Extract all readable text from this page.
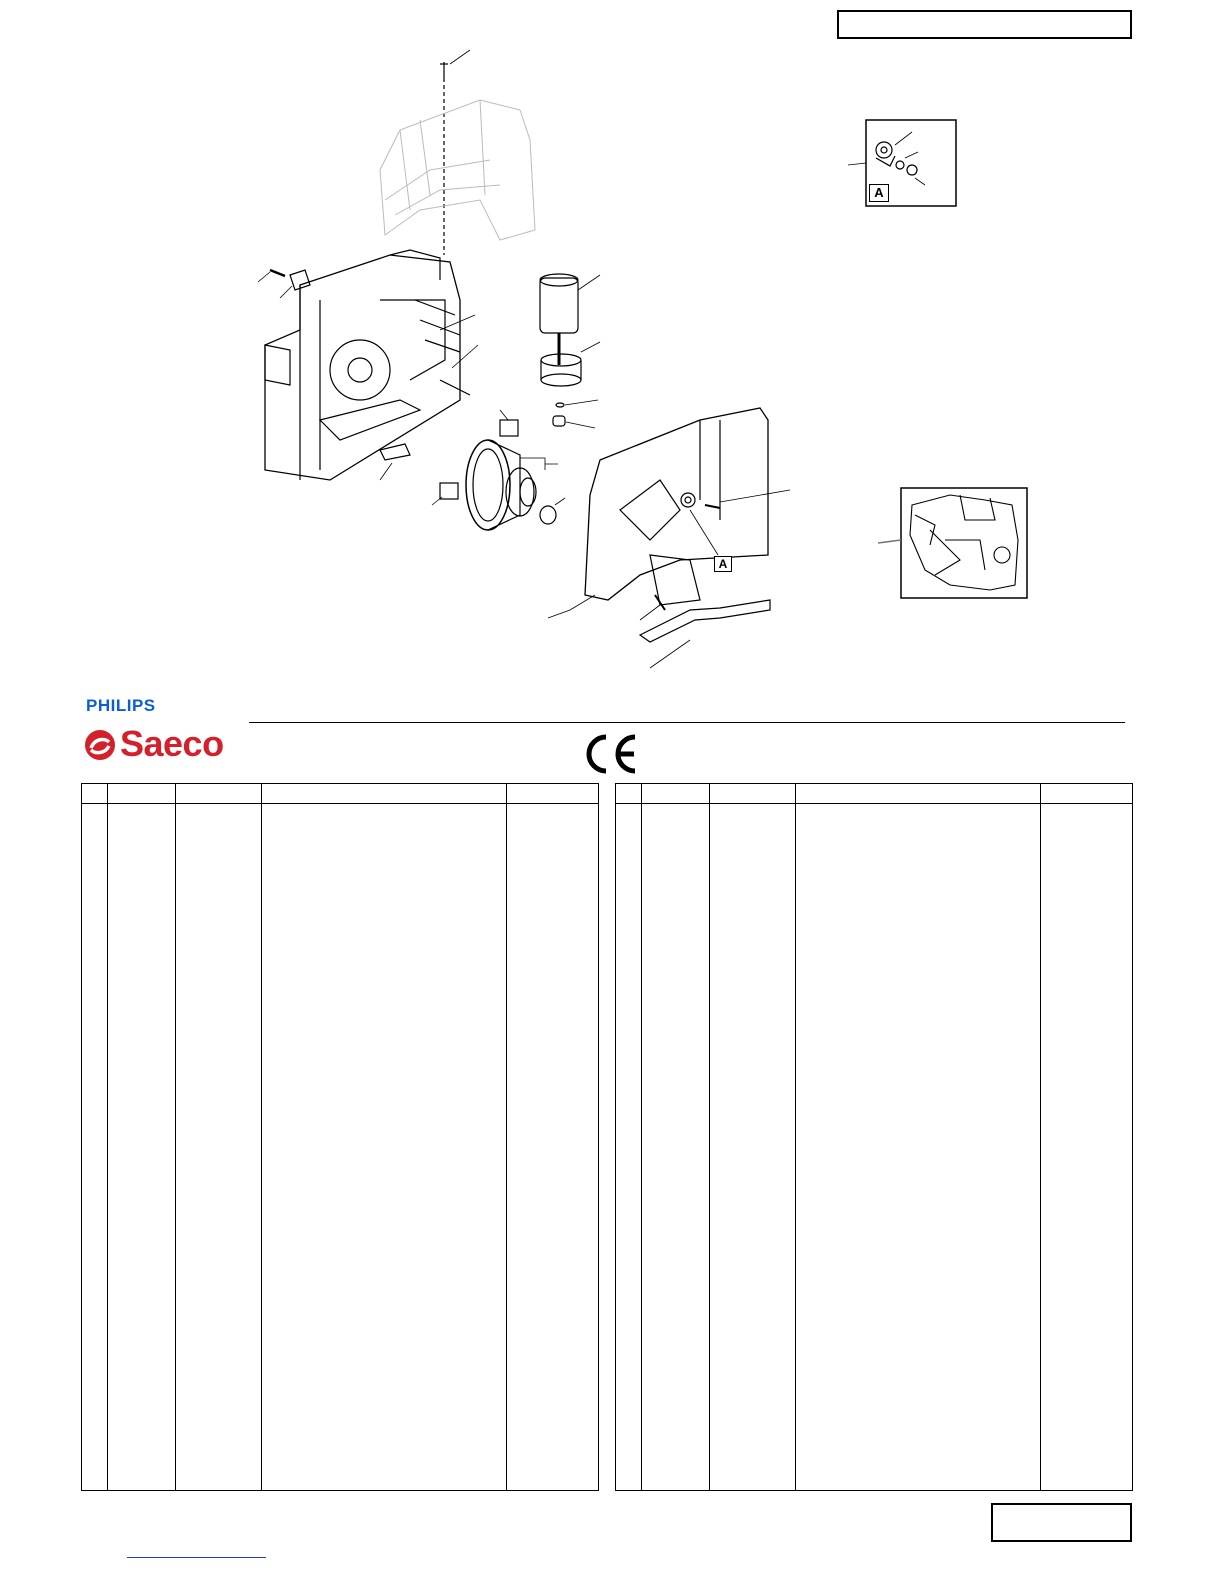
A
A
PHILIPS
Saeco
